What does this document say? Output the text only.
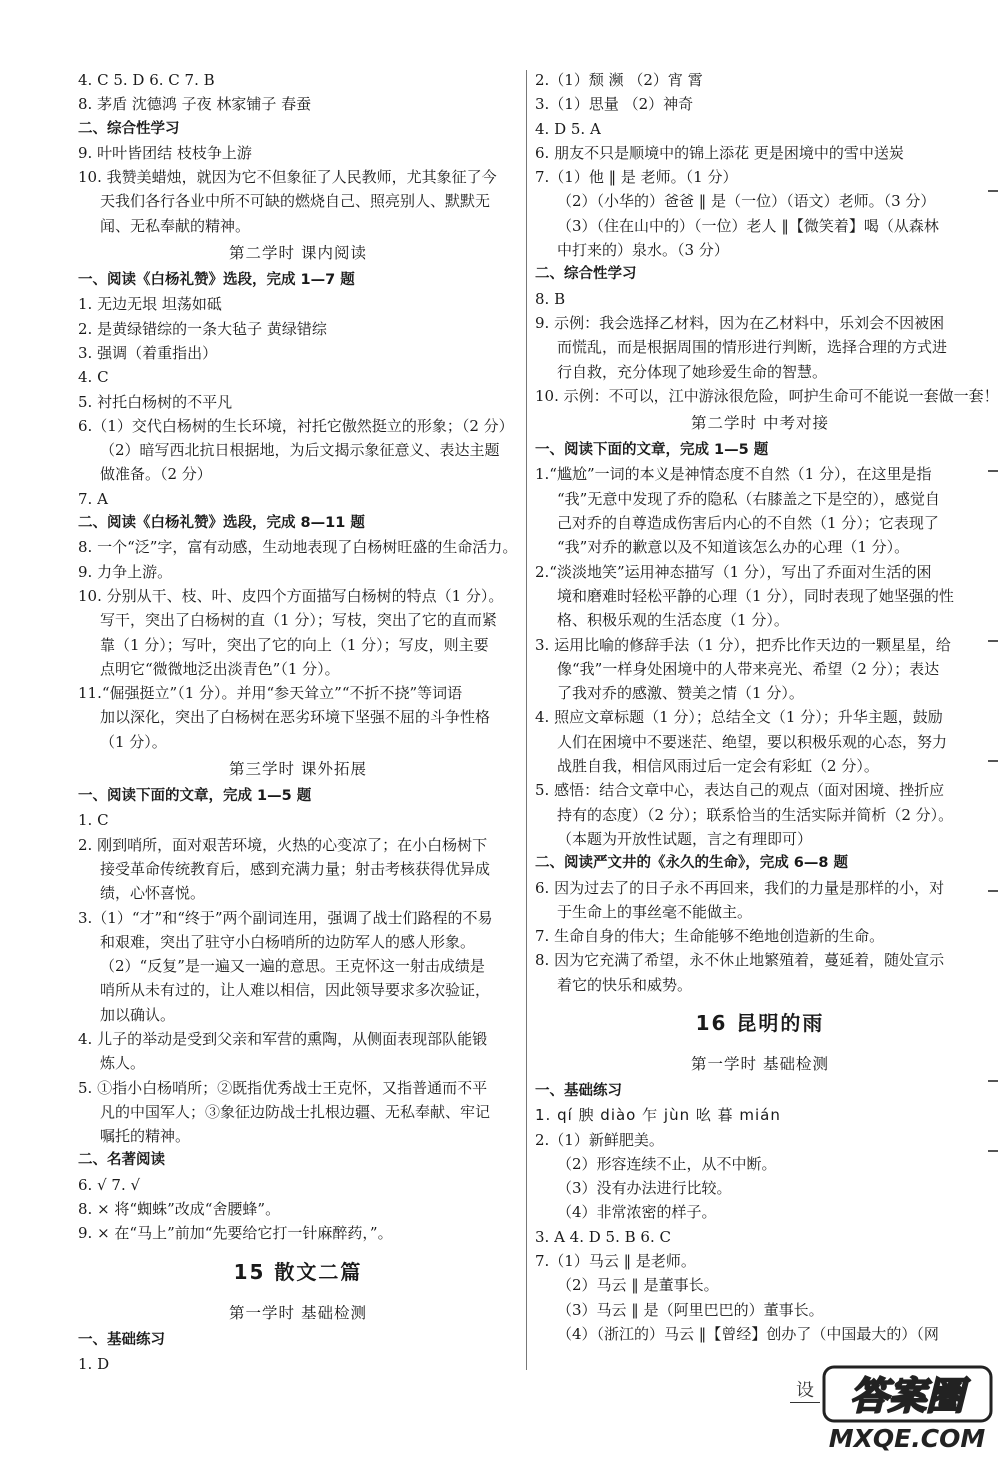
4. C 5. D 6. C 7. B
8. 茅盾 沈德鸿 子夜 林家铺子 春蚕
二、综合性学习
9. 叶叶皆团结 枝枝争上游
10. 我赞美蜡烛，就因为它不但象征了人民教师，尤其象征了今
天我们各行各业中所不可缺的燃烧自己、照亮别人、默默无
闻、无私奉献的精神。
第二学时 课内阅读
一、阅读《白杨礼赞》选段，完成 1—7 题
1. 无边无垠 坦荡如砥
2. 是黄绿错综的一条大毡子 黄绿错综
3. 强调（着重指出）
4. C
5. 衬托白杨树的不平凡
6.（1）交代白杨树的生长环境，衬托它傲然挺立的形象；（2 分）
（2）暗写西北抗日根据地，为后文揭示象征意义、表达主题
做准备。（2 分）
7. A
二、阅读《白杨礼赞》选段，完成 8—11 题
8. 一个“泛”字，富有动感，生动地表现了白杨树旺盛的生命活力。
9. 力争上游。
10. 分别从干、枝、叶、皮四个方面描写白杨树的特点（1 分）。
写干，突出了白杨树的直（1 分）；写枝，突出了它的直而紧
靠（1 分）；写叶，突出了它的向上（1 分）；写皮，则主要
点明它“微微地泛出淡青色”（1 分）。
11.“倔强挺立”（1 分）。并用“参天耸立”“不折不挠”等词语
加以深化，突出了白杨树在恶劣环境下坚强不屈的斗争性格
（1 分）。
第三学时 课外拓展
一、阅读下面的文章，完成 1—5 题
1. C
2. 刚到哨所，面对艰苦环境，火热的心变凉了；在小白杨树下
接受革命传统教育后，感到充满力量；射击考核获得优异成
绩，心怀喜悦。
3.（1）“才”和“终于”两个副词连用，强调了战士们路程的不易
和艰难，突出了驻守小白杨哨所的边防军人的感人形象。
（2）“反复”是一遍又一遍的意思。王克怀这一射击成绩是
哨所从未有过的，让人难以相信，因此领导要求多次验证，
加以确认。
4. 儿子的举动是受到父亲和军营的熏陶，从侧面表现部队能锻
炼人。
5. ①指小白杨哨所；②既指优秀战士王克怀，又指普通而不平
凡的中国军人；③象征边防战士扎根边疆、无私奉献、牢记
嘱托的精神。
二、名著阅读
6. √ 7. √
8. × 将“蜘蛛”改成“舍腰蜂”。
9. × 在“马上”前加“先要给它打一针麻醉药，”。
15 散文二篇
第一学时 基础检测
一、基础练习
1. D
2.（1）颓 濒 （2）宵 霄
3.（1）思量 （2）神奇
4. D 5. A
6. 朋友不只是顺境中的锦上添花 更是困境中的雪中送炭
7.（1）他 ‖ 是 老师。（1 分）
（2）（小华的）爸爸 ‖ 是（一位）（语文）老师。（3 分）
（3）（住在山中的）（一位）老人 ‖【微笑着】喝（从森林
中打来的）泉水。（3 分）
二、综合性学习
8. B
9. 示例：我会选择乙材料，因为在乙材料中，乐刘会不因被困
而慌乱，而是根据周围的情形进行判断，选择合理的方式进
行自救，充分体现了她珍爱生命的智慧。
10. 示例：不可以，江中游泳很危险，呵护生命可不能说一套做一套！
第二学时 中考对接
一、阅读下面的文章，完成 1—5 题
1.“尴尬”一词的本义是神情态度不自然（1 分），在这里是指
“我”无意中发现了乔的隐私（右膝盖之下是空的），感觉自
己对乔的自尊造成伤害后内心的不自然（1 分）；它表现了
“我”对乔的歉意以及不知道该怎么办的心理（1 分）。
2.“淡淡地笑”运用神态描写（1 分），写出了乔面对生活的困
境和磨难时轻松平静的心理（1 分），同时表现了她坚强的性
格、积极乐观的生活态度（1 分）。
3. 运用比喻的修辞手法（1 分），把乔比作天边的一颗星星，给
像“我”一样身处困境中的人带来亮光、希望（2 分）；表达
了我对乔的感激、赞美之情（1 分）。
4. 照应文章标题（1 分）；总结全文（1 分）；升华主题，鼓励
人们在困境中不要迷茫、绝望，要以积极乐观的心态，努力
战胜自我，相信风雨过后一定会有彩虹（2 分）。
5. 感悟：结合文章中心，表达自己的观点（面对困境、挫折应
持有的态度）（2 分）；联系恰当的生活实际并简析（2 分）。
（本题为开放性试题，言之有理即可）
二、阅读严文井的《永久的生命》，完成 6—8 题
6. 因为过去了的日子永不再回来，我们的力量是那样的小，对
于生命上的事丝毫不能做主。
7. 生命自身的伟大；生命能够不绝地创造新的生命。
8. 因为它充满了希望，永不休止地繁殖着，蔓延着，随处宣示
着它的快乐和威势。
16 昆明的雨
第一学时 基础检测
一、基础练习
1. qí 腴 diào 乍 jùn 吆 暮 mián
2.（1）新鲜肥美。
（2）形容连续不止，从不中断。
（3）没有办法进行比较。
（4）非常浓密的样子。
3. A 4. D 5. B 6. C
7.（1）马云 ‖ 是老师。
（2）马云 ‖ 是董事长。
（3）马云 ‖ 是（阿里巴巴的）董事长。
（4）（浙江的）马云 ‖【曾经】创办了（中国最大的）（网
设 答案圈
MXQE.COM
